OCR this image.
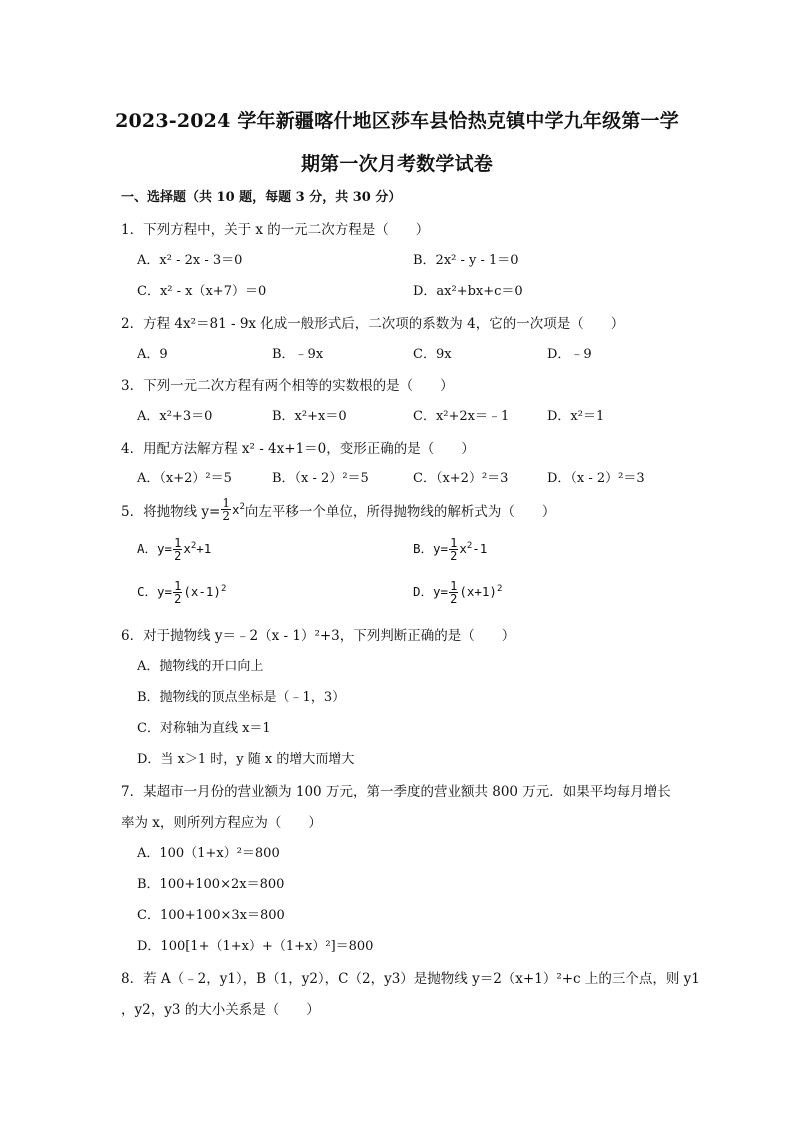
2023-2024 学年新疆喀什地区莎车县恰热克镇中学九年级第一学
期第一次月考数学试卷
一、选择题（共 10 题，每题 3 分，共 30 分）
1．下列方程中，关于 x 的一元二次方程是（　　）
A．x² - 2x - 3＝0	B．2x² - y - 1＝0
C．x² - x（x+7）＝0	D．ax²+bx+c＝0
2．方程 4x²＝81 - 9x 化成一般形式后，二次项的系数为 4，它的一次项是（　　）
A．9	B．﹣9x	C．9x	D．﹣9
3．下列一元二次方程有两个相等的实数根的是（　　）
A．x²+3＝0	B．x²+x＝0	C．x²+2x＝﹣1	D．x²＝1
4．用配方法解方程 x² - 4x+1＝0，变形正确的是（　　）
A．（x+2）²＝5	B．（x - 2）²＝5	C．（x+2）²＝3	D．（x - 2）²＝3
5．将抛物线 $y= \frac{1}{2} x^2$ 向左平移一个单位，所得抛物线的解析式为（　　）
A．$y= \frac{1}{2} x^2+1$	B．$y= \frac{1}{2} x^2-1$
C．$y= \frac{1}{2} (x-1)^2$	D．$y= \frac{1}{2} (x+1)^2$
6．对于抛物线 y＝﹣2（x - 1）²+3，下列判断正确的是（　　）
A．抛物线的开口向上
B．抛物线的顶点坐标是（﹣1，3）
C．对称轴为直线 x＝1
D．当 x＞1 时，y 随 x 的增大而增大
7．某超市一月份的营业额为 100 万元，第一季度的营业额共 800 万元．如果平均每月增长
率为 x，则所列方程应为（　　）
A．100（1+x）²＝800
B．100+100×2x＝800
C．100+100×3x＝800
D．100[1+（1+x）+（1+x）²]＝800
8．若 A（﹣2，y1），B（1，y2），C（2，y3）是抛物线 y＝2（x+1）²+c 上的三个点，则 y1
，y2，y3 的大小关系是（　　）
